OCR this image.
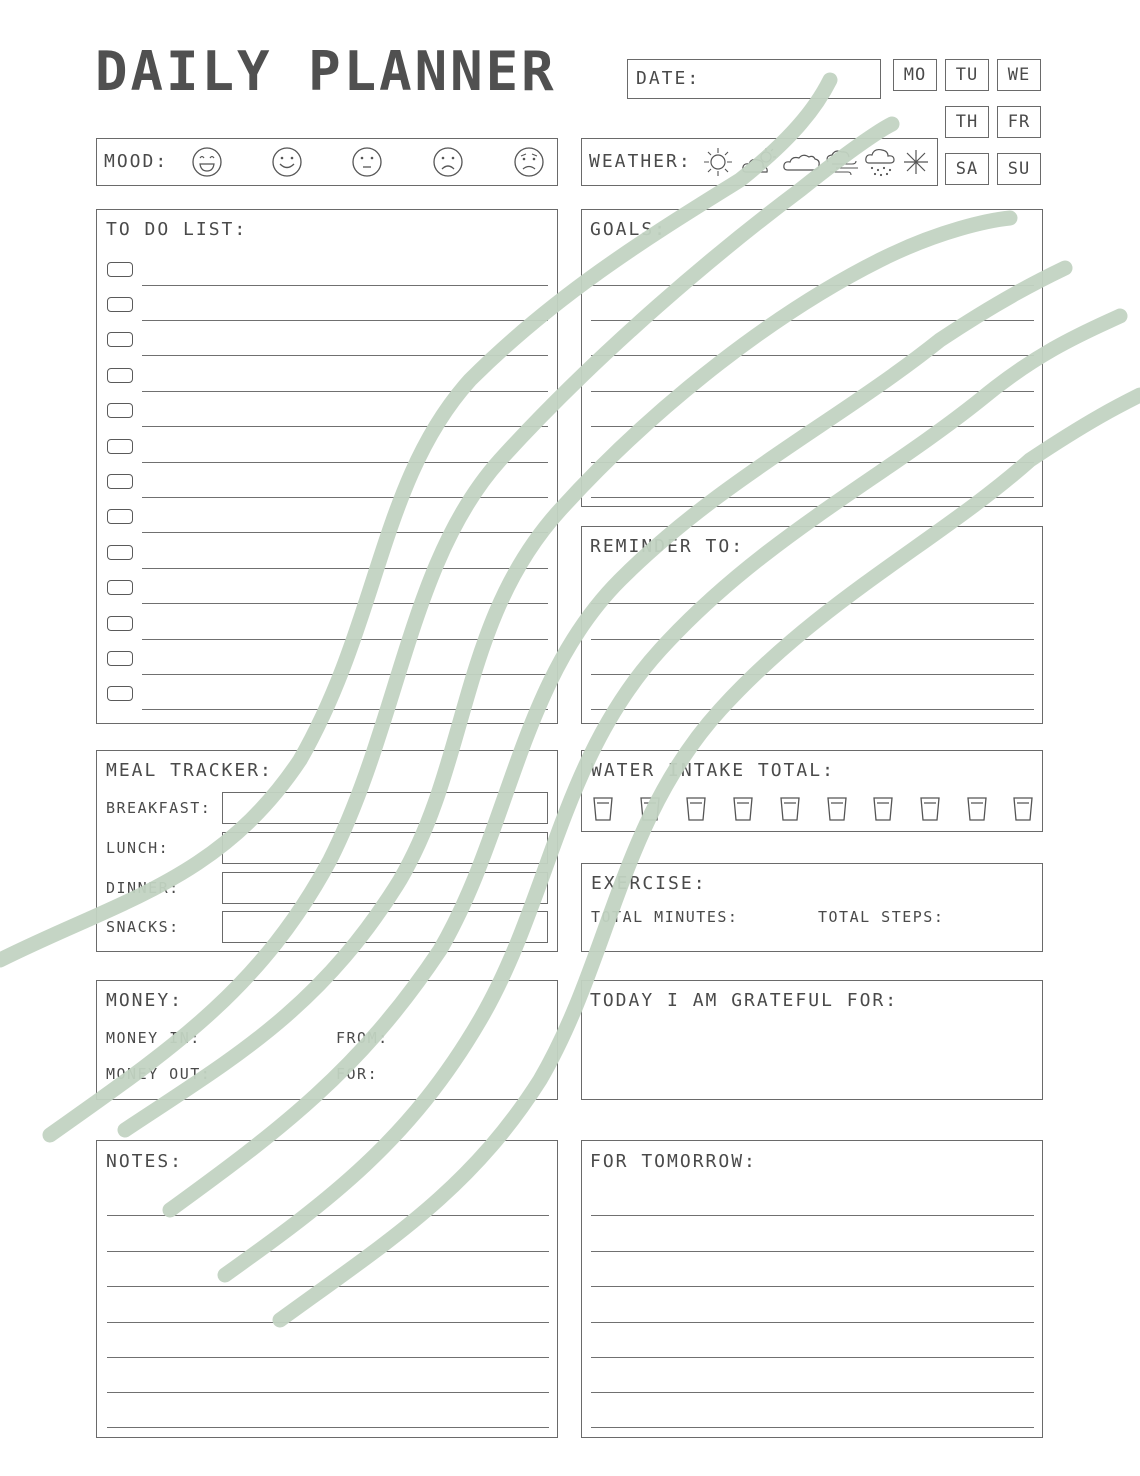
DAILY PLANNER	DATE:	MO	TU	WE
TH	FR
SA	SU
MOOD:	WEATHER:
TO DO LIST:	GOALS:
REMINDER TO:
MEAL TRACKER:
BREAKFAST:
LUNCH:
DINNER:
SNACKS:
WATER INTAKE TOTAL:
EXERCISE:
TOTAL MINUTES:	TOTAL STEPS:
MONEY:
MONEY IN:	FROM:
MONEY OUT:	FOR:
TODAY I AM GRATEFUL FOR:
NOTES:	FOR TOMORROW:
